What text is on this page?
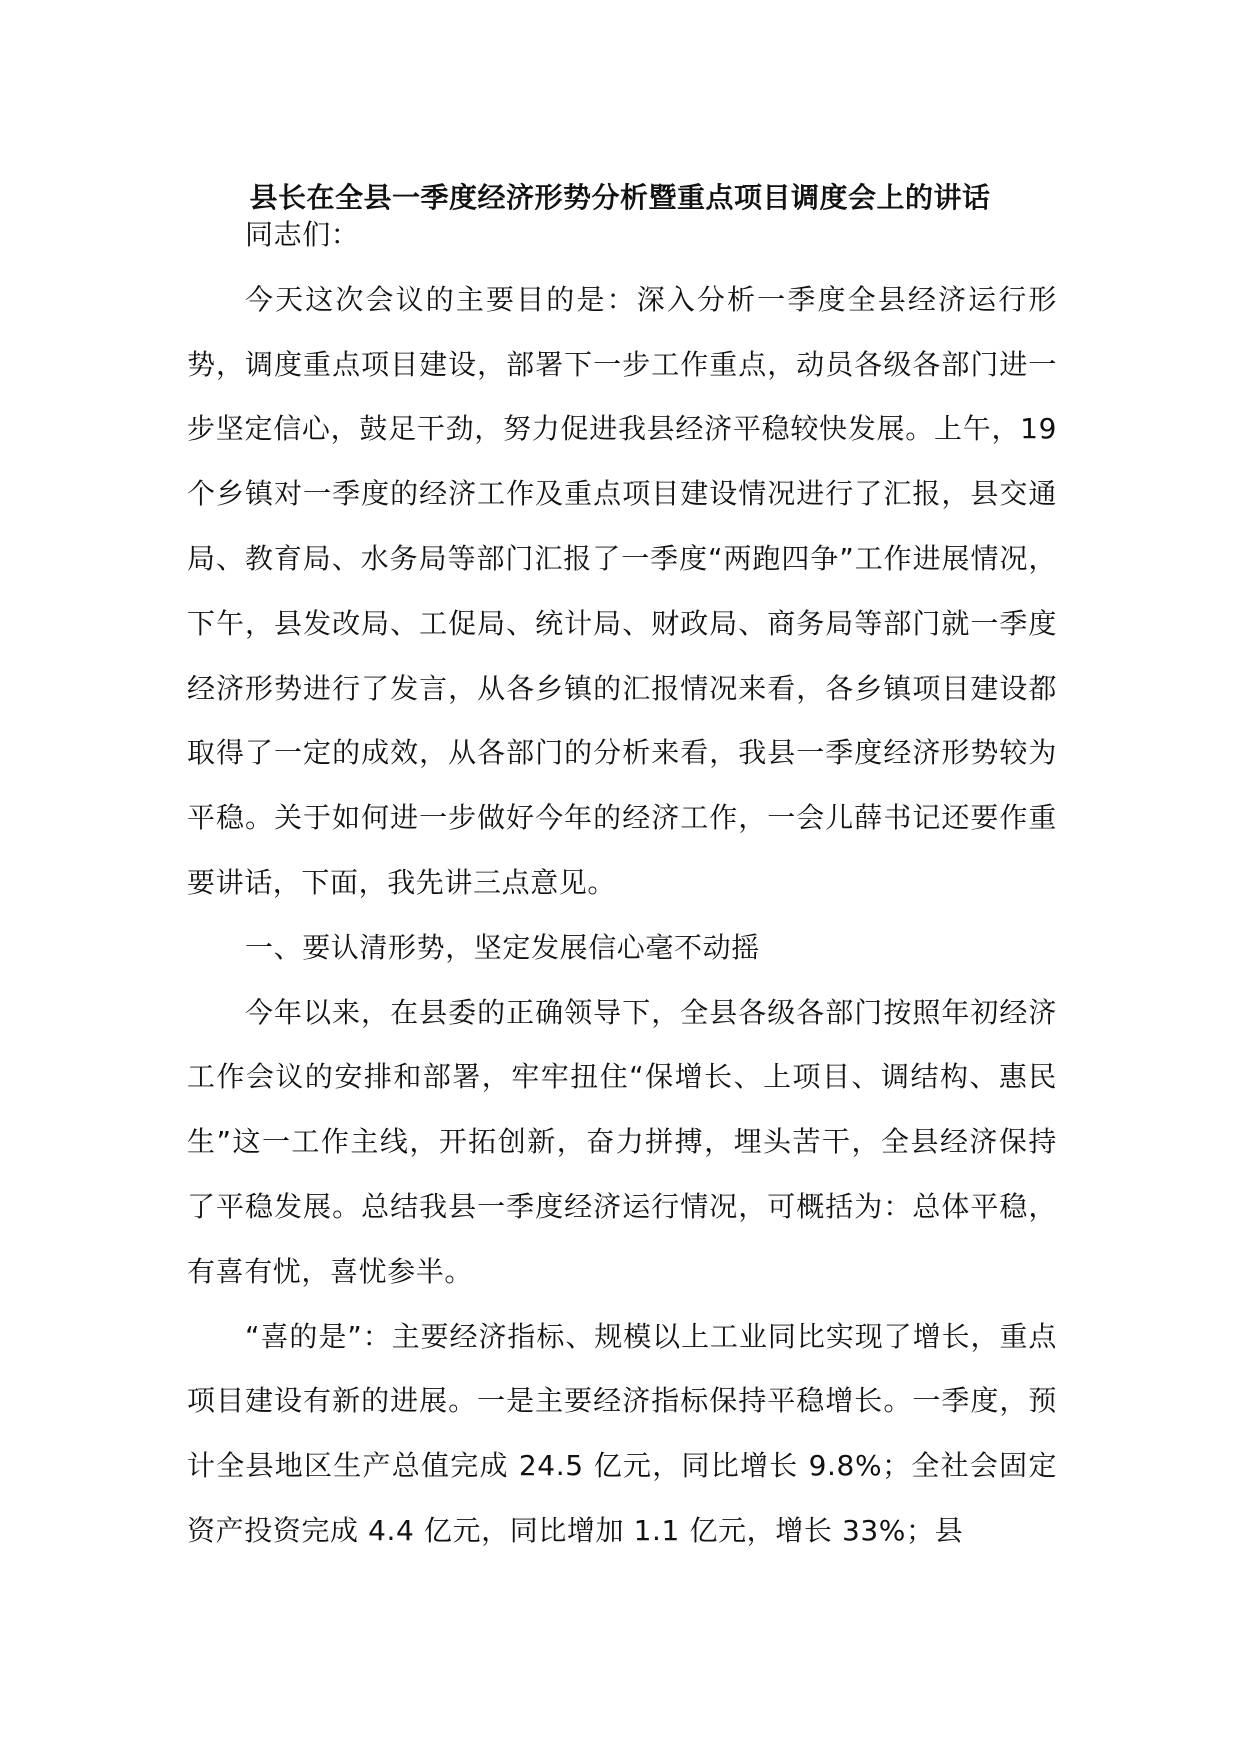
县长在全县一季度经济形势分析暨重点项目调度会上的讲话

同志们：

今天这次会议的主要目的是：深入分析一季度全县经济运行形势，调度重点项目建设，部署下一步工作重点，动员各级各部门进一步坚定信心，鼓足干劲，努力促进我县经济平稳较快发展。上午，19 个乡镇对一季度的经济工作及重点项目建设情况进行了汇报，县交通局、教育局、水务局等部门汇报了一季度“两跑四争”工作进展情况，下午，县发改局、工促局、统计局、财政局、商务局等部门就一季度经济形势进行了发言，从各乡镇的汇报情况来看，各乡镇项目建设都取得了一定的成效，从各部门的分析来看，我县一季度经济形势较为平稳。关于如何进一步做好今年的经济工作，一会儿薛书记还要作重要讲话，下面，我先讲三点意见。

一、要认清形势，坚定发展信心毫不动摇

今年以来，在县委的正确领导下，全县各级各部门按照年初经济工作会议的安排和部署，牢牢扭住“保增长、上项目、调结构、惠民生”这一工作主线，开拓创新，奋力拼搏，埋头苦干，全县经济保持了平稳发展。总结我县一季度经济运行情况，可概括为：总体平稳，有喜有忧，喜忧参半。

“喜的是”：主要经济指标、规模以上工业同比实现了增长，重点项目建设有新的进展。一是主要经济指标保持平稳增长。一季度，预计全县地区生产总值完成 24.5 亿元，同比增长 9.8%；全社会固定资产投资完成 4.4 亿元，同比增加 1.1 亿元，增长 33%；县
